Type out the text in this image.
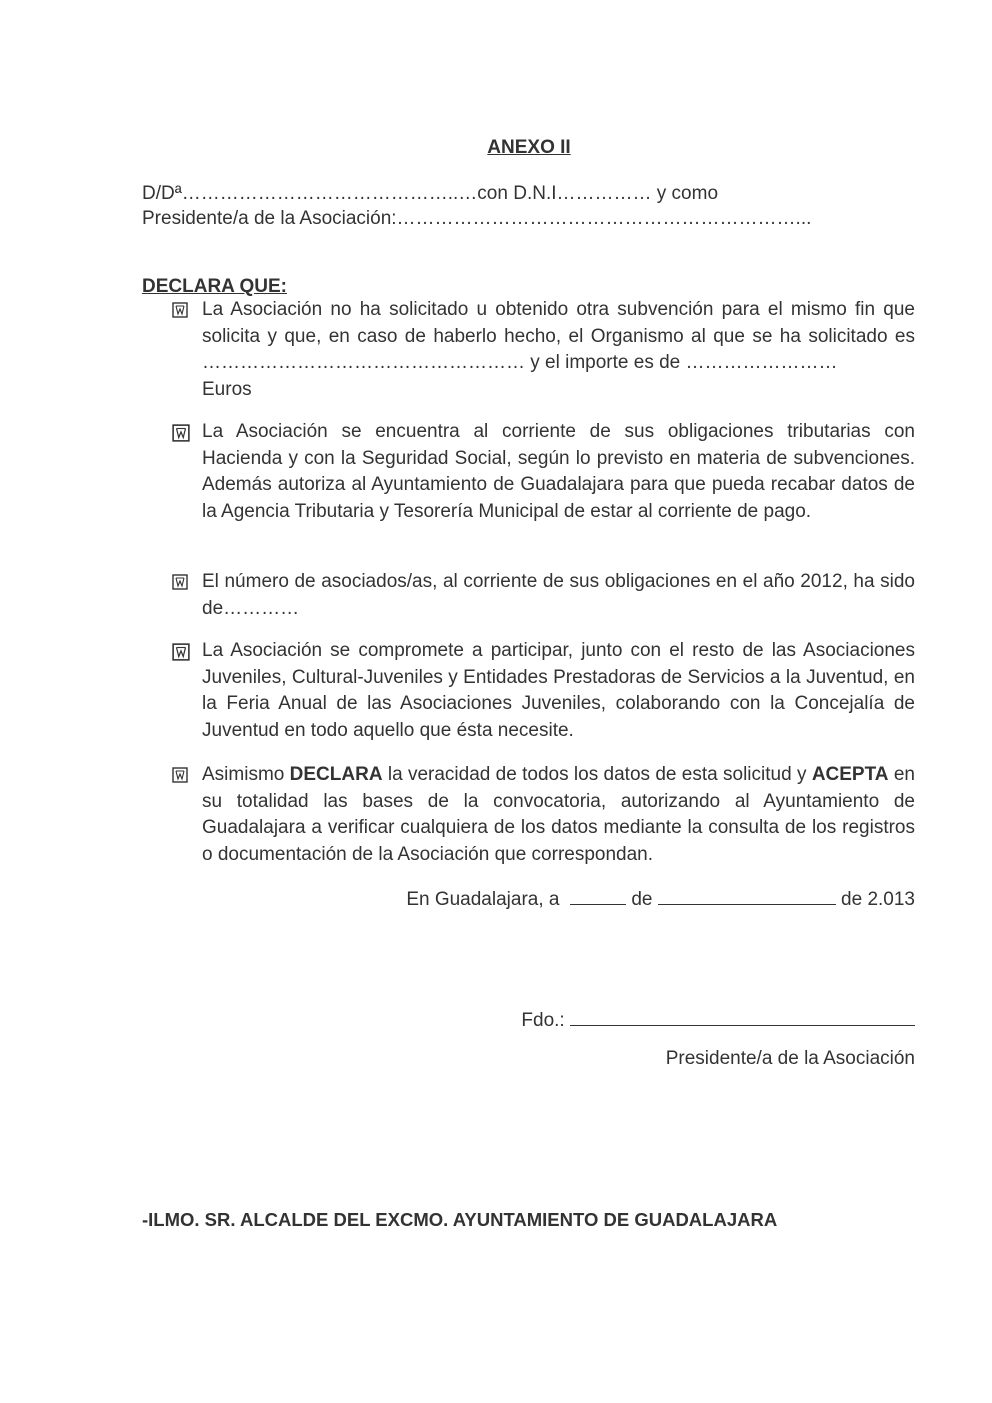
ANEXO II

D/Dª……………………………………..…con D.N.I…………… y como

Presidente/a de la Asociación:………………………………………………………...

DECLARA QUE:

La Asociación no ha solicitado u obtenido otra subvención para el mismo fin que solicita y que, en caso de haberlo hecho, el Organismo al que se ha solicitado es …………………………………………… y el importe es de ……………………
Euros
La Asociación se encuentra al corriente de sus obligaciones tributarias con Hacienda y con la Seguridad Social, según lo previsto en materia de subvenciones. Además autoriza al Ayuntamiento de Guadalajara para que pueda recabar datos de la Agencia Tributaria y Tesorería Municipal de estar al corriente de pago.
El número de asociados/as, al corriente de sus obligaciones en el año 2012, ha sido de…………
La Asociación se compromete a participar, junto con el resto de las Asociaciones Juveniles, Cultural-Juveniles y Entidades Prestadoras de Servicios a la Juventud, en la Feria Anual de las Asociaciones Juveniles, colaborando con la Concejalía de Juventud en todo aquello que ésta necesite.
Asimismo DECLARA la veracidad de todos los datos de esta solicitud y ACEPTA en su totalidad las bases de la convocatoria, autorizando al Ayuntamiento de Guadalajara a verificar cualquiera de los datos mediante la consulta de los registros o documentación de la Asociación que correspondan.

En Guadalajara, a	de	de 2.013

Fdo.:

Presidente/a de la Asociación

-ILMO. SR. ALCALDE DEL EXCMO. AYUNTAMIENTO DE GUADALAJARA
